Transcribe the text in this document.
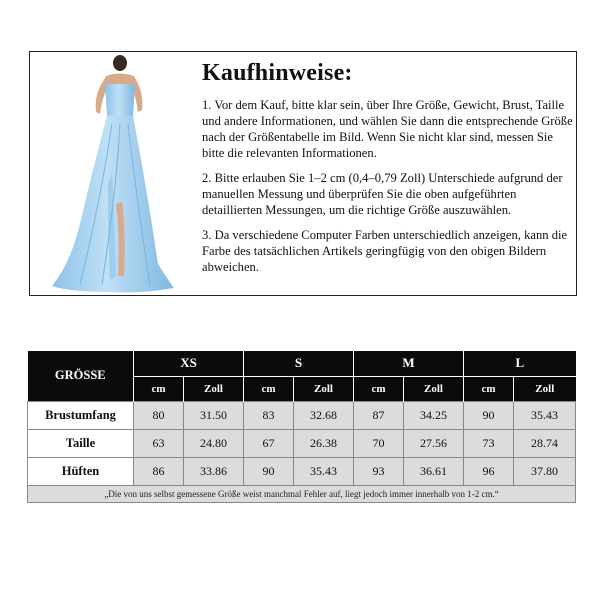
Kaufhinweise:

1. Vor dem Kauf, bitte klar sein, über Ihre Größe, Gewicht, Brust, Taille und andere Informationen, und wählen Sie dann die entsprechende Größe nach der Größentabelle im Bild. Wenn Sie nicht klar sind, messen Sie bitte die relevanten Informationen.

2. Bitte erlauben Sie 1–2 cm (0,4–0,79 Zoll) Unterschiede aufgrund der manuellen Messung und überprüfen Sie die oben aufgeführten detaillierten Messungen, um die richtige Größe auszuwählen.

3. Da verschiedene Computer Farben unterschiedlich anzeigen, kann die Farbe des tatsächlichen Artikels geringfügig von den obigen Bildern abweichen.

GRÖSSE	XS		S		M		L	
	cm	Zoll	cm	Zoll	cm	Zoll	cm	Zoll
Brustumfang	80	31.50	83	32.68	87	34.25	90	35.43
Taille	63	24.80	67	26.38	70	27.56	73	28.74
Hüften	86	33.86	90	35.43	93	36.61	96	37.80
„Die von uns selbst gemessene Größe weist manchmal Fehler auf, liegt jedoch immer innerhalb von 1-2 cm.“								
